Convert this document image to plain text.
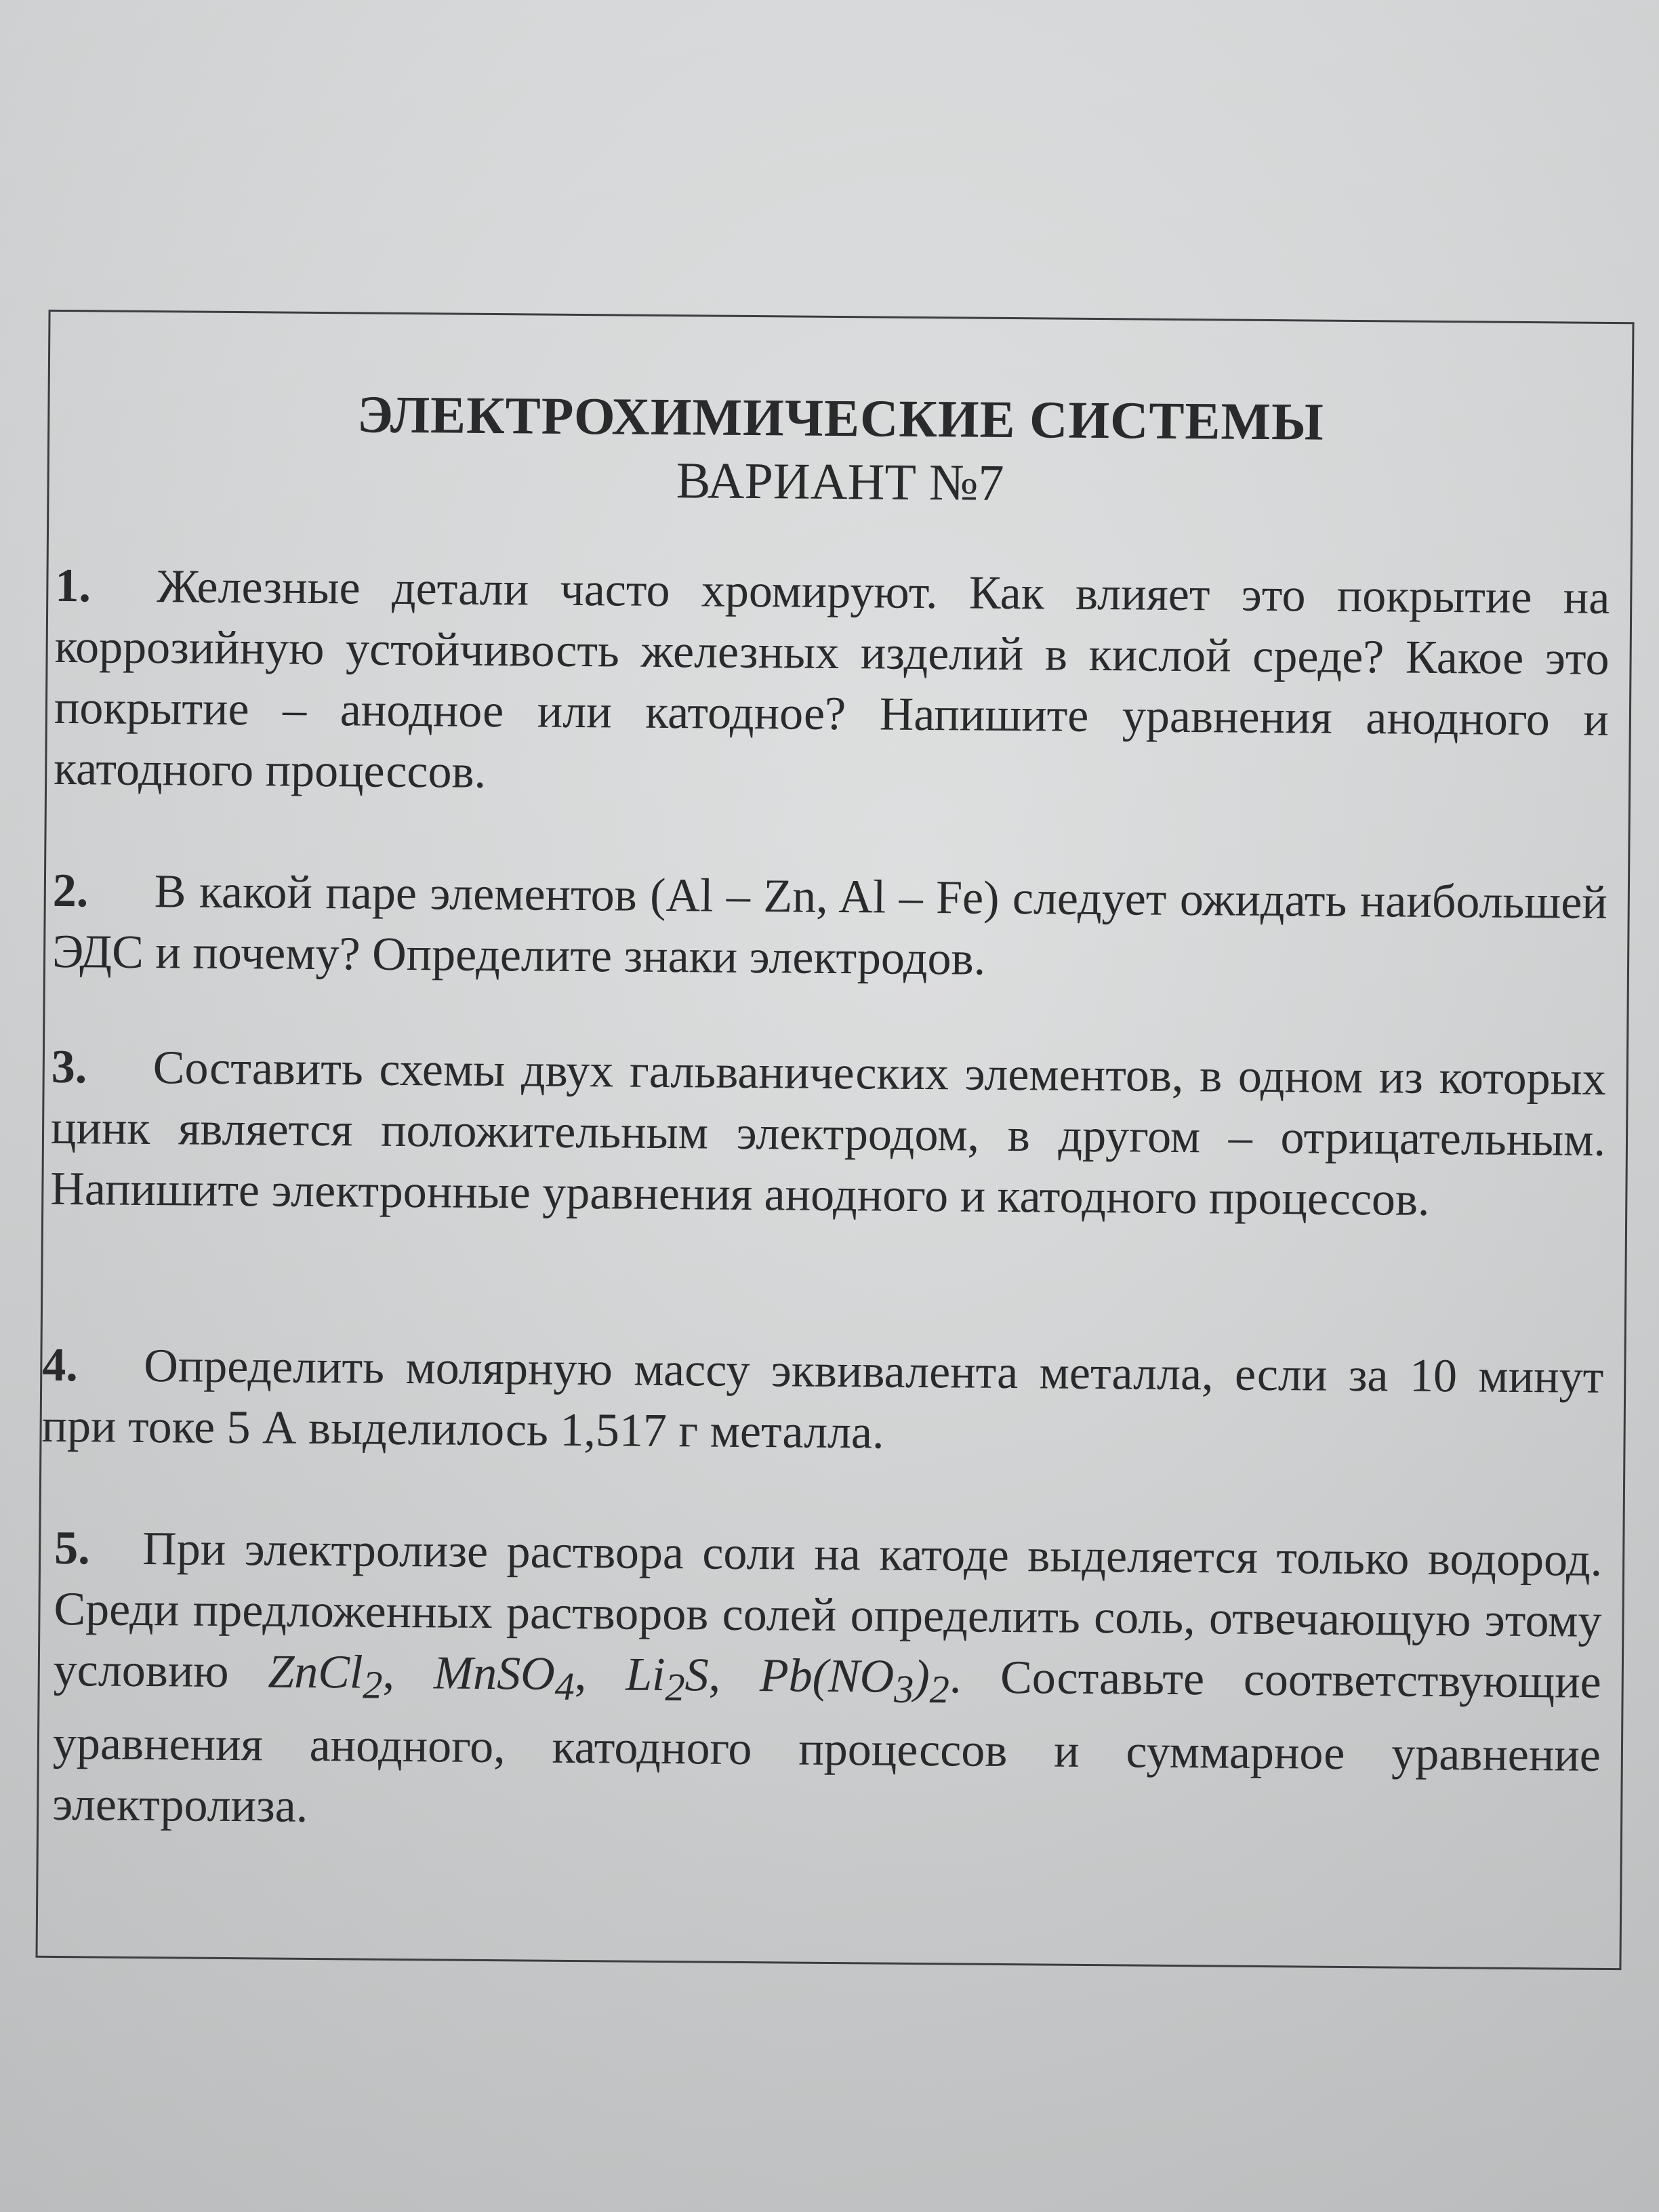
ЭЛЕКТРОХИМИЧЕСКИЕ СИСТЕМЫ

ВАРИАНТ №7

1. Железные детали часто хромируют. Как влияет это покрытие на коррозийную устойчивость железных изделий в кислой среде? Какое это покрытие – анодное или катодное? Напишите уравнения анодного и катодного процессов.
2. В какой паре элементов (Al – Zn, Al – Fe) следует ожидать наибольшей ЭДС и почему? Определите знаки электродов.
3. Составить схемы двух гальванических элементов, в одном из которых цинк является положительным электродом, в другом – отрицательным. Напишите электронные уравнения анодного и катодного процессов.
4. Определить молярную массу эквивалента металла, если за 10 минут при токе 5 А выделилось 1,517 г металла.
5. При электролизе раствора соли на катоде выделяется только водород. Среди предложенных растворов солей определить соль, отвечающую этому условию ZnCl$_2$, MnSO$_4$, $Li_2S$, $Pb(NO_3)_2$. Составьте соответствующие уравнения анодного, катодного процессов и суммарное уравнение электролиза.
